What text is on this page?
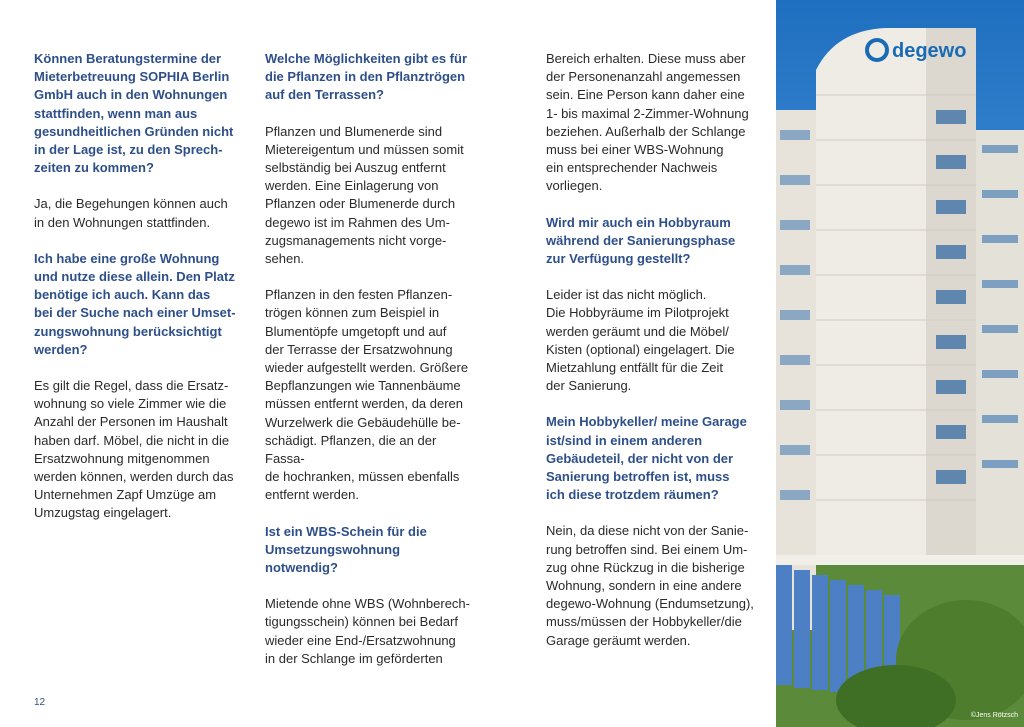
Können Beratungstermine der
Mieterbetreuung SOPHIA Berlin
GmbH auch in den Wohnungen
stattfinden, wenn man aus
gesundheitlichen Gründen nicht
in der Lage ist, zu den Sprech-
zeiten zu kommen?

Ja, die Begehungen können auch
in den Wohnungen stattfinden.

Ich habe eine große Wohnung
und nutze diese allein. Den Platz
benötige ich auch. Kann das
bei der Suche nach einer Umset-
zungswohnung berücksichtigt
werden?

Es gilt die Regel, dass die Ersatz-
wohnung so viele Zimmer wie die
Anzahl der Personen im Haushalt
haben darf. Möbel, die nicht in die
Ersatzwohnung mitgenommen
werden können, werden durch das
Unternehmen Zapf Umzüge am
Umzugstag eingelagert.

Welche Möglichkeiten gibt es für
die Pflanzen in den Pflanztrögen
auf den Terrassen?

Pflanzen und Blumenerde sind
Mietereigentum und müssen somit
selbständig bei Auszug entfernt
werden. Eine Einlagerung von
Pflanzen oder Blumenerde durch
degewo ist im Rahmen des Um-
zugsmanagements nicht vorge-
sehen.

Pflanzen in den festen Pflanzen-
trögen können zum Beispiel in
Blumentöpfe umgetopft und auf
der Terrasse der Ersatzwohnung
wieder aufgestellt werden. Größere
Bepflanzungen wie Tannenbäume
müssen entfernt werden, da deren
Wurzelwerk die Gebäudehülle be-
schädigt. Pflanzen, die an der Fassa-
de hochranken, müssen ebenfalls
entfernt werden.

Ist ein WBS-Schein für die
Umsetzungswohnung
notwendig?

Mietende ohne WBS (Wohnberech-
tigungsschein) können bei Bedarf
wieder eine End-/Ersatzwohnung
in der Schlange im geförderten

Bereich erhalten. Diese muss aber
der Personenanzahl angemessen
sein. Eine Person kann daher eine
1- bis maximal 2-Zimmer-Wohnung
beziehen. Außerhalb der Schlange
muss bei einer WBS-Wohnung
ein entsprechender Nachweis
vorliegen.

Wird mir auch ein Hobbyraum
während der Sanierungsphase
zur Verfügung gestellt?

Leider ist das nicht möglich.
Die Hobbyräume im Pilotprojekt
werden geräumt und die Möbel/
Kisten (optional) eingelagert. Die
Mietzahlung entfällt für die Zeit
der Sanierung.

Mein Hobbykeller/ meine Garage
ist/sind in einem anderen
Gebäudeteil, der nicht von der
Sanierung betroffen ist, muss
ich diese trotzdem räumen?

Nein, da diese nicht von der Sanie-
rung betroffen sind. Bei einem Um-
zug ohne Rückzug in die bisherige
Wohnung, sondern in eine andere
degewo-Wohnung (Endumsetzung),
muss/müssen der Hobbykeller/die
Garage geräumt werden.

12
degewo
©Jens Rötzsch
